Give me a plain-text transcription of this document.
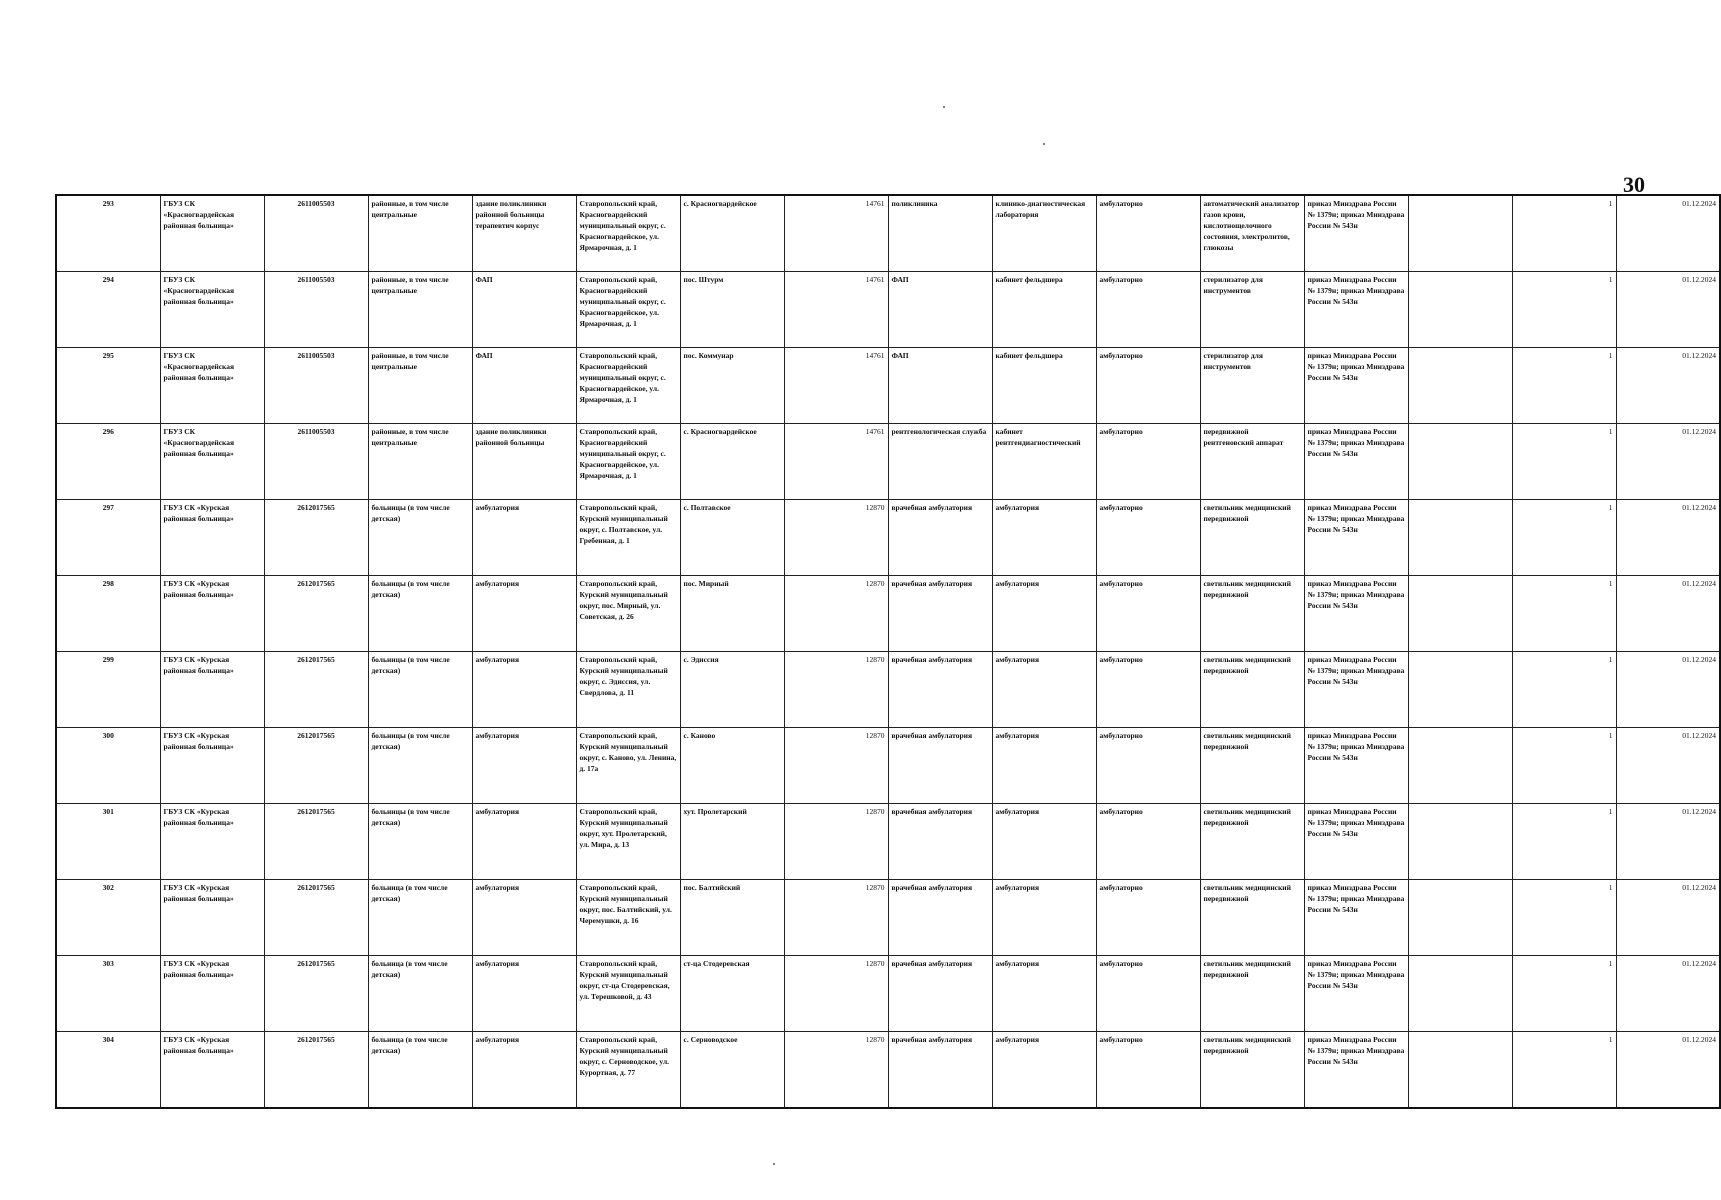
30
293	ГБУЗ СК «Красногвардейская районная больница»	2611005503	районные, в том числе центральные	здание поликлиники районной больницы терапевтич корпус	Ставропольский край, Красногвардейский муниципальный округ, с. Красногвардейское, ул. Ярмарочная, д. 1	с. Красногвардейское	14761	поликлиника	клинико-диагностическая лаборатория	амбулаторно	автоматический анализатор газов крови, кислотнощелочного состояния, электролитов, глюкозы	приказ Минздрава России № 1379н; приказ Минздрава России № 543н		1	01.12.2024
294	ГБУЗ СК «Красногвардейская районная больница»	2611005503	районные, в том числе центральные	ФАП	Ставропольский край, Красногвардейский муниципальный округ, с. Красногвардейское, ул. Ярмарочная, д. 1	пос. Штурм	14761	ФАП	кабинет фельдшера	амбулаторно	стерилизатор для инструментов	приказ Минздрава России № 1379н; приказ Минздрава России № 543н		1	01.12.2024
295	ГБУЗ СК «Красногвардейская районная больница»	2611005503	районные, в том числе центральные	ФАП	Ставропольский край, Красногвардейский муниципальный округ, с. Красногвардейское, ул. Ярмарочная, д. 1	пос. Коммунар	14761	ФАП	кабинет фельдшера	амбулаторно	стерилизатор для инструментов	приказ Минздрава России № 1379н; приказ Минздрава России № 543н		1	01.12.2024
296	ГБУЗ СК «Красногвардейская районная больница»	2611005503	районные, в том числе центральные	здание поликлиники районной больницы	Ставропольский край, Красногвардейский муниципальный округ, с. Красногвардейское, ул. Ярмарочная, д. 1	с. Красногвардейское	14761	рентгенологическая служба	кабинет рентгендиагностический	амбулаторно	передвижной рентгеновский аппарат	приказ Минздрава России № 1379н; приказ Минздрава России № 543н		1	01.12.2024
297	ГБУЗ СК «Курская районная больница»	2612017565	больницы (в том числе детская)	амбулатория	Ставропольский край, Курский муниципальный округ, с. Полтавское, ул. Гребенная, д. 1	с. Полтавское	12870	врачебная амбулатория	амбулатория	амбулаторно	светильник медицинский передвижной	приказ Минздрава России № 1379н; приказ Минздрава России № 543н		1	01.12.2024
298	ГБУЗ СК «Курская районная больница»	2612017565	больницы (в том числе детская)	амбулатория	Ставропольский край, Курский муниципальный округ, пос. Мирный, ул. Советская, д. 26	пос. Мирный	12870	врачебная амбулатория	амбулатория	амбулаторно	светильник медицинский передвижной	приказ Минздрава России № 1379н; приказ Минздрава России № 543н		1	01.12.2024
299	ГБУЗ СК «Курская районная больница»	2612017565	больницы (в том числе детская)	амбулатория	Ставропольский край, Курский муниципальный округ, с. Эдиссия, ул. Свердлова, д. 11	с. Эдиссия	12870	врачебная амбулатория	амбулатория	амбулаторно	светильник медицинский передвижной	приказ Минздрава России № 1379н; приказ Минздрава России № 543н		1	01.12.2024
300	ГБУЗ СК «Курская районная больница»	2612017565	больницы (в том числе детская)	амбулатория	Ставропольский край, Курский муниципальный округ, с. Каново, ул. Ленина, д. 17а	с. Каново	12870	врачебная амбулатория	амбулатория	амбулаторно	светильник медицинский передвижной	приказ Минздрава России № 1379н; приказ Минздрава России № 543н		1	01.12.2024
301	ГБУЗ СК «Курская районная больница»	2612017565	больницы (в том числе детская)	амбулатория	Ставропольский край, Курский муниципальный округ, хут. Пролетарский, ул. Мира, д. 13	хут. Пролетарский	12870	врачебная амбулатория	амбулатория	амбулаторно	светильник медицинский передвижной	приказ Минздрава России № 1379н; приказ Минздрава России № 543н		1	01.12.2024
302	ГБУЗ СК «Курская районная больница»	2612017565	больница (в том числе детская)	амбулатория	Ставропольский край, Курский муниципальный округ, пос. Балтийский, ул. Черемушки, д. 16	пос. Балтийский	12870	врачебная амбулатория	амбулатория	амбулаторно	светильник медицинский передвижной	приказ Минздрава России № 1379н; приказ Минздрава России № 543н		1	01.12.2024
303	ГБУЗ СК «Курская районная больница»	2612017565	больница (в том числе детская)	амбулатория	Ставропольский край, Курский муниципальный округ, ст-ца Стодеревская, ул. Терешковой, д. 43	ст-ца Стодеревская	12870	врачебная амбулатория	амбулатория	амбулаторно	светильник медицинский передвижной	приказ Минздрава России № 1379н; приказ Минздрава России № 543н		1	01.12.2024
304	ГБУЗ СК «Курская районная больница»	2612017565	больница (в том числе детская)	амбулатория	Ставропольский край, Курский муниципальный округ, с. Серноводское, ул. Курортная, д. 77	с. Серноводское	12870	врачебная амбулатория	амбулатория	амбулаторно	светильник медицинский передвижной	приказ Минздрава России № 1379н; приказ Минздрава России № 543н		1	01.12.2024
